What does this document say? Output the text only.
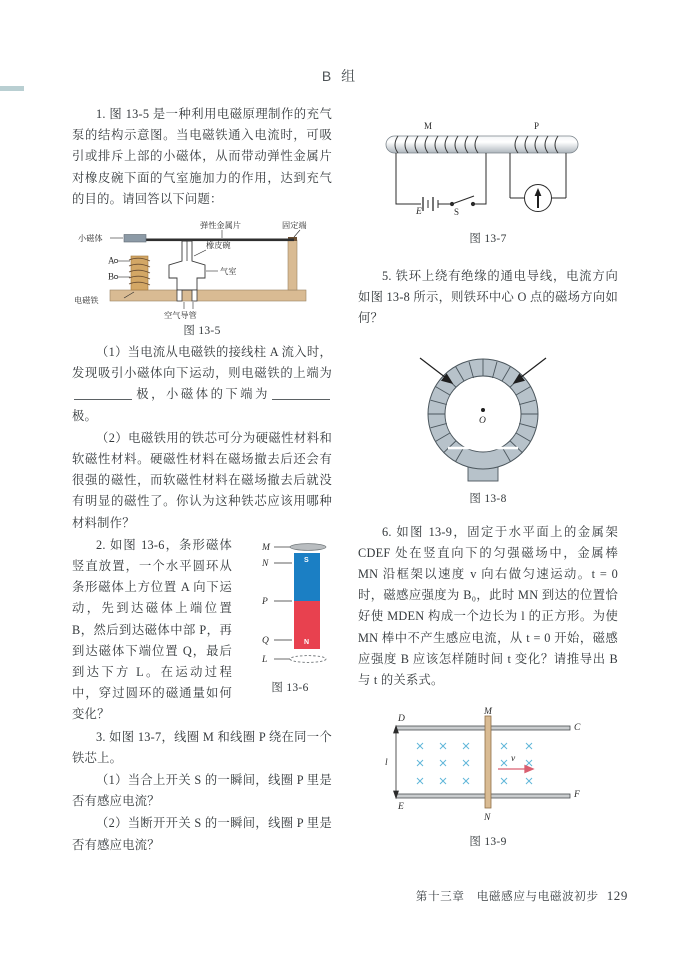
B 组

1. 图 13-5 是一种利用电磁原理制作的充气泵的结构示意图。当电磁铁通入电流时，可吸引或排斥上部的小磁体，从而带动弹性金属片对橡皮碗下面的气室施加力的作用，达到充气的目的。请回答以下问题：

小磁体
A
B
电磁铁
弹性金属片	固定端
橡皮碗
气室
空气导管
图 13-5

（1）当电流从电磁铁的接线柱 A 流入时，发现吸引小磁体向下运动，则电磁铁的上端为极，小磁体的下端为极。

（2）电磁铁用的铁芯可分为硬磁性材料和软磁性材料。硬磁性材料在磁场撤去后还会有很强的磁性，而软磁性材料在磁场撤去后就没有明显的磁性了。你认为这种铁芯应该用哪种材料制作？

S
N
M
N
P
Q
L
图 13-6

2. 如图 13-6，条形磁体竖直放置，一个水平圆环从条形磁体上方位置 A 向下运动，先到达磁体上端位置 B，然后到达磁体中部 P，再到达磁体下端位置 Q，最后到达下方 L。在运动过程中，穿过圆环的磁通量如何变化？

3. 如图 13-7，线圈 M 和线圈 P 绕在同一个铁芯上。

（1）当合上开关 S 的一瞬间，线圈 P 里是否有感应电流？

（2）当断开开关 S 的一瞬间，线圈 P 里是否有感应电流？

E	S
M	P
图 13-7

5. 铁环上绕有绝缘的通电导线，电流方向如图 13-8 所示，则铁环中心 O 点的磁场方向如何？

O
图 13-8

6. 如图 13-9，固定于水平面上的金属架 CDEF 处在竖直向下的匀强磁场中，金属棒 MN 沿框架以速度 v 向右做匀速运动。t = 0 时，磁感应强度为 B₀，此时 MN 到达的位置恰好使 MDEN 构成一个边长为 l 的正方形。为使 MN 棒中不产生感应电流，从 t = 0 开始，磁感应强度 B 应该怎样随时间 t 变化？请推导出 B 与 t 的关系式。

v
l
D
C
E
F
M
N
图 13-9
第十三章　电磁感应与电磁波初步 129
